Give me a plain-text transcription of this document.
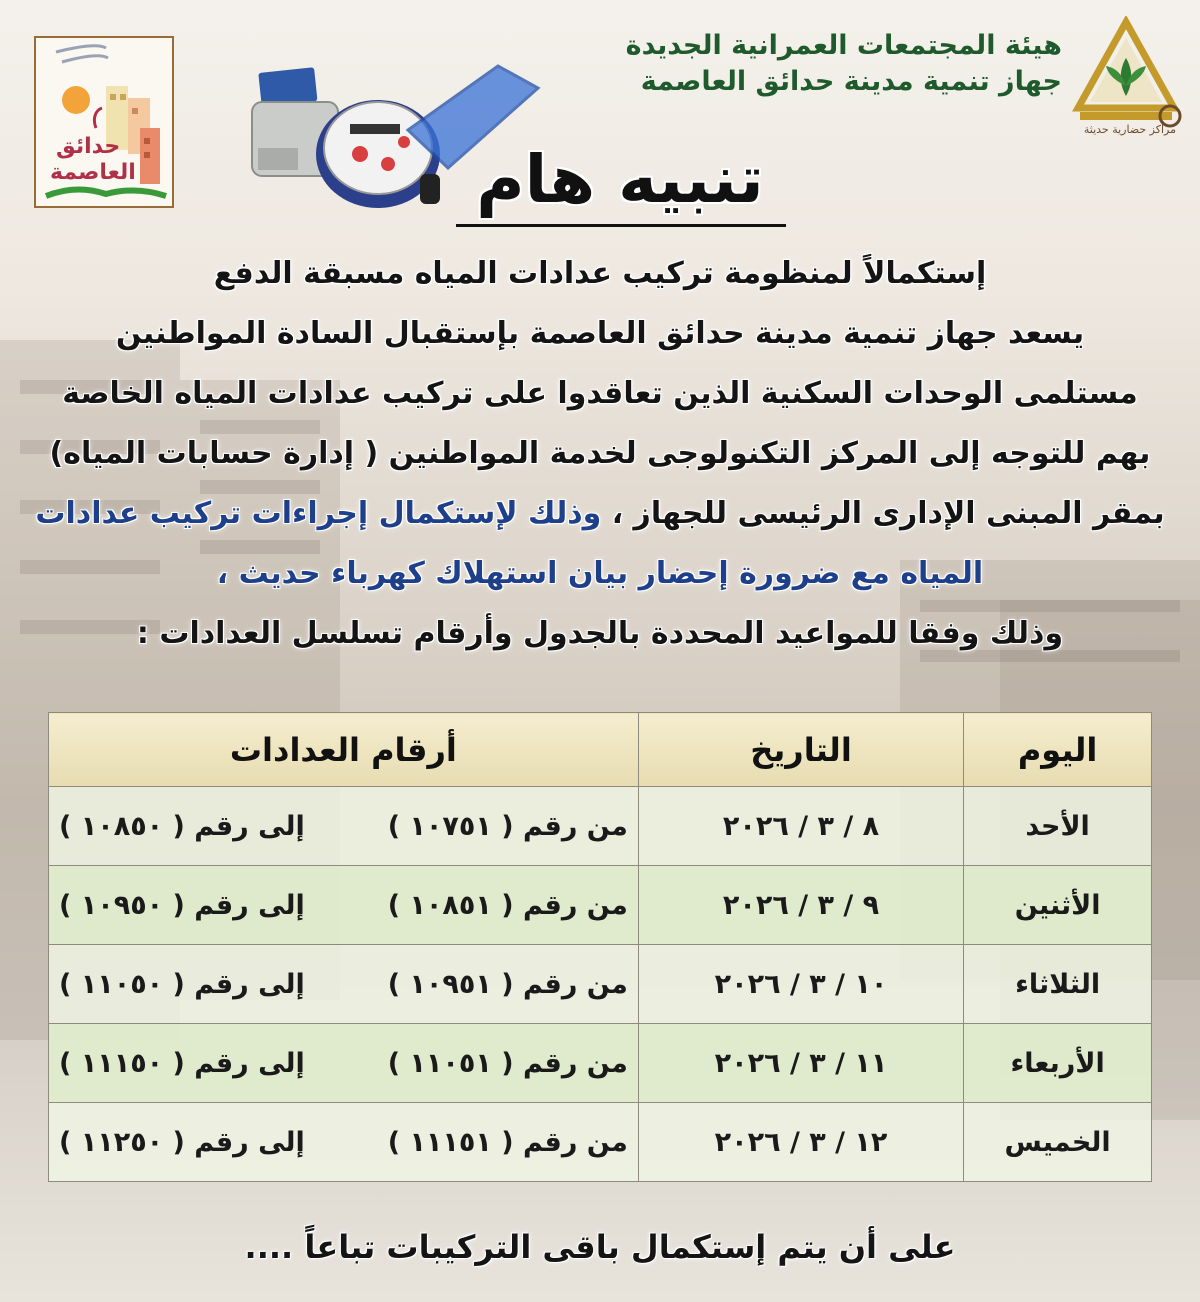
مراكز حضارية حديثة
هيئة المجتمعات العمرانية الجديدة
جهاز تنمية مدينة حدائق العاصمة
حدائق
العاصمة	تنبيه هام

إستكمالاً لمنظومة تركيب عدادات المياه مسبقة الدفع

يسعد جهاز تنمية مدينة حدائق العاصمة بإستقبال السادة المواطنين

مستلمى الوحدات السكنية الذين تعاقدوا على تركيب عدادات المياه الخاصة

بهم للتوجه إلى المركز التكنولوجى لخدمة المواطنين ( إدارة حسابات المياه)

بمقر المبنى الإدارى الرئيسى للجهاز ، وذلك لإستكمال إجراءات تركيب عدادات

المياه مع ضرورة إحضار بيان استهلاك كهرباء حديث ،

وذلك وفقا للمواعيد المحددة بالجدول وأرقام تسلسل العدادات :

اليوم	التاريخ	أرقام العدادات
الأحد	٨ / ٣ / ٢٠٢٦	من رقم ( ١٠٧٥١ )
إلى رقم ( ١٠٨٥٠ )

الأثنين	٩ / ٣ / ٢٠٢٦	من رقم ( ١٠٨٥١ )
إلى رقم ( ١٠٩٥٠ )

الثلاثاء	١٠ / ٣ / ٢٠٢٦	من رقم ( ١٠٩٥١ )
إلى رقم ( ١١٠٥٠ )

الأربعاء	١١ / ٣ / ٢٠٢٦	من رقم ( ١١٠٥١ )
إلى رقم ( ١١١٥٠ )

الخميس	١٢ / ٣ / ٢٠٢٦	من رقم ( ١١١٥١ )
إلى رقم ( ١١٢٥٠ )
على أن يتم إستكمال باقى التركيبات تباعاً ....
